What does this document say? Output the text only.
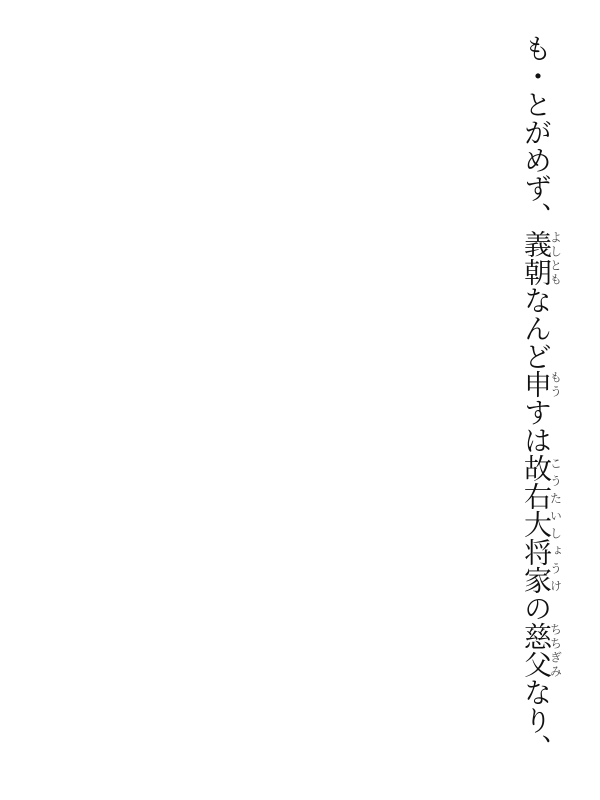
も・とがめず、義朝よしともなんど申もうすは故右大将家こうたいしょうけの慈父ちちぎみなり、
